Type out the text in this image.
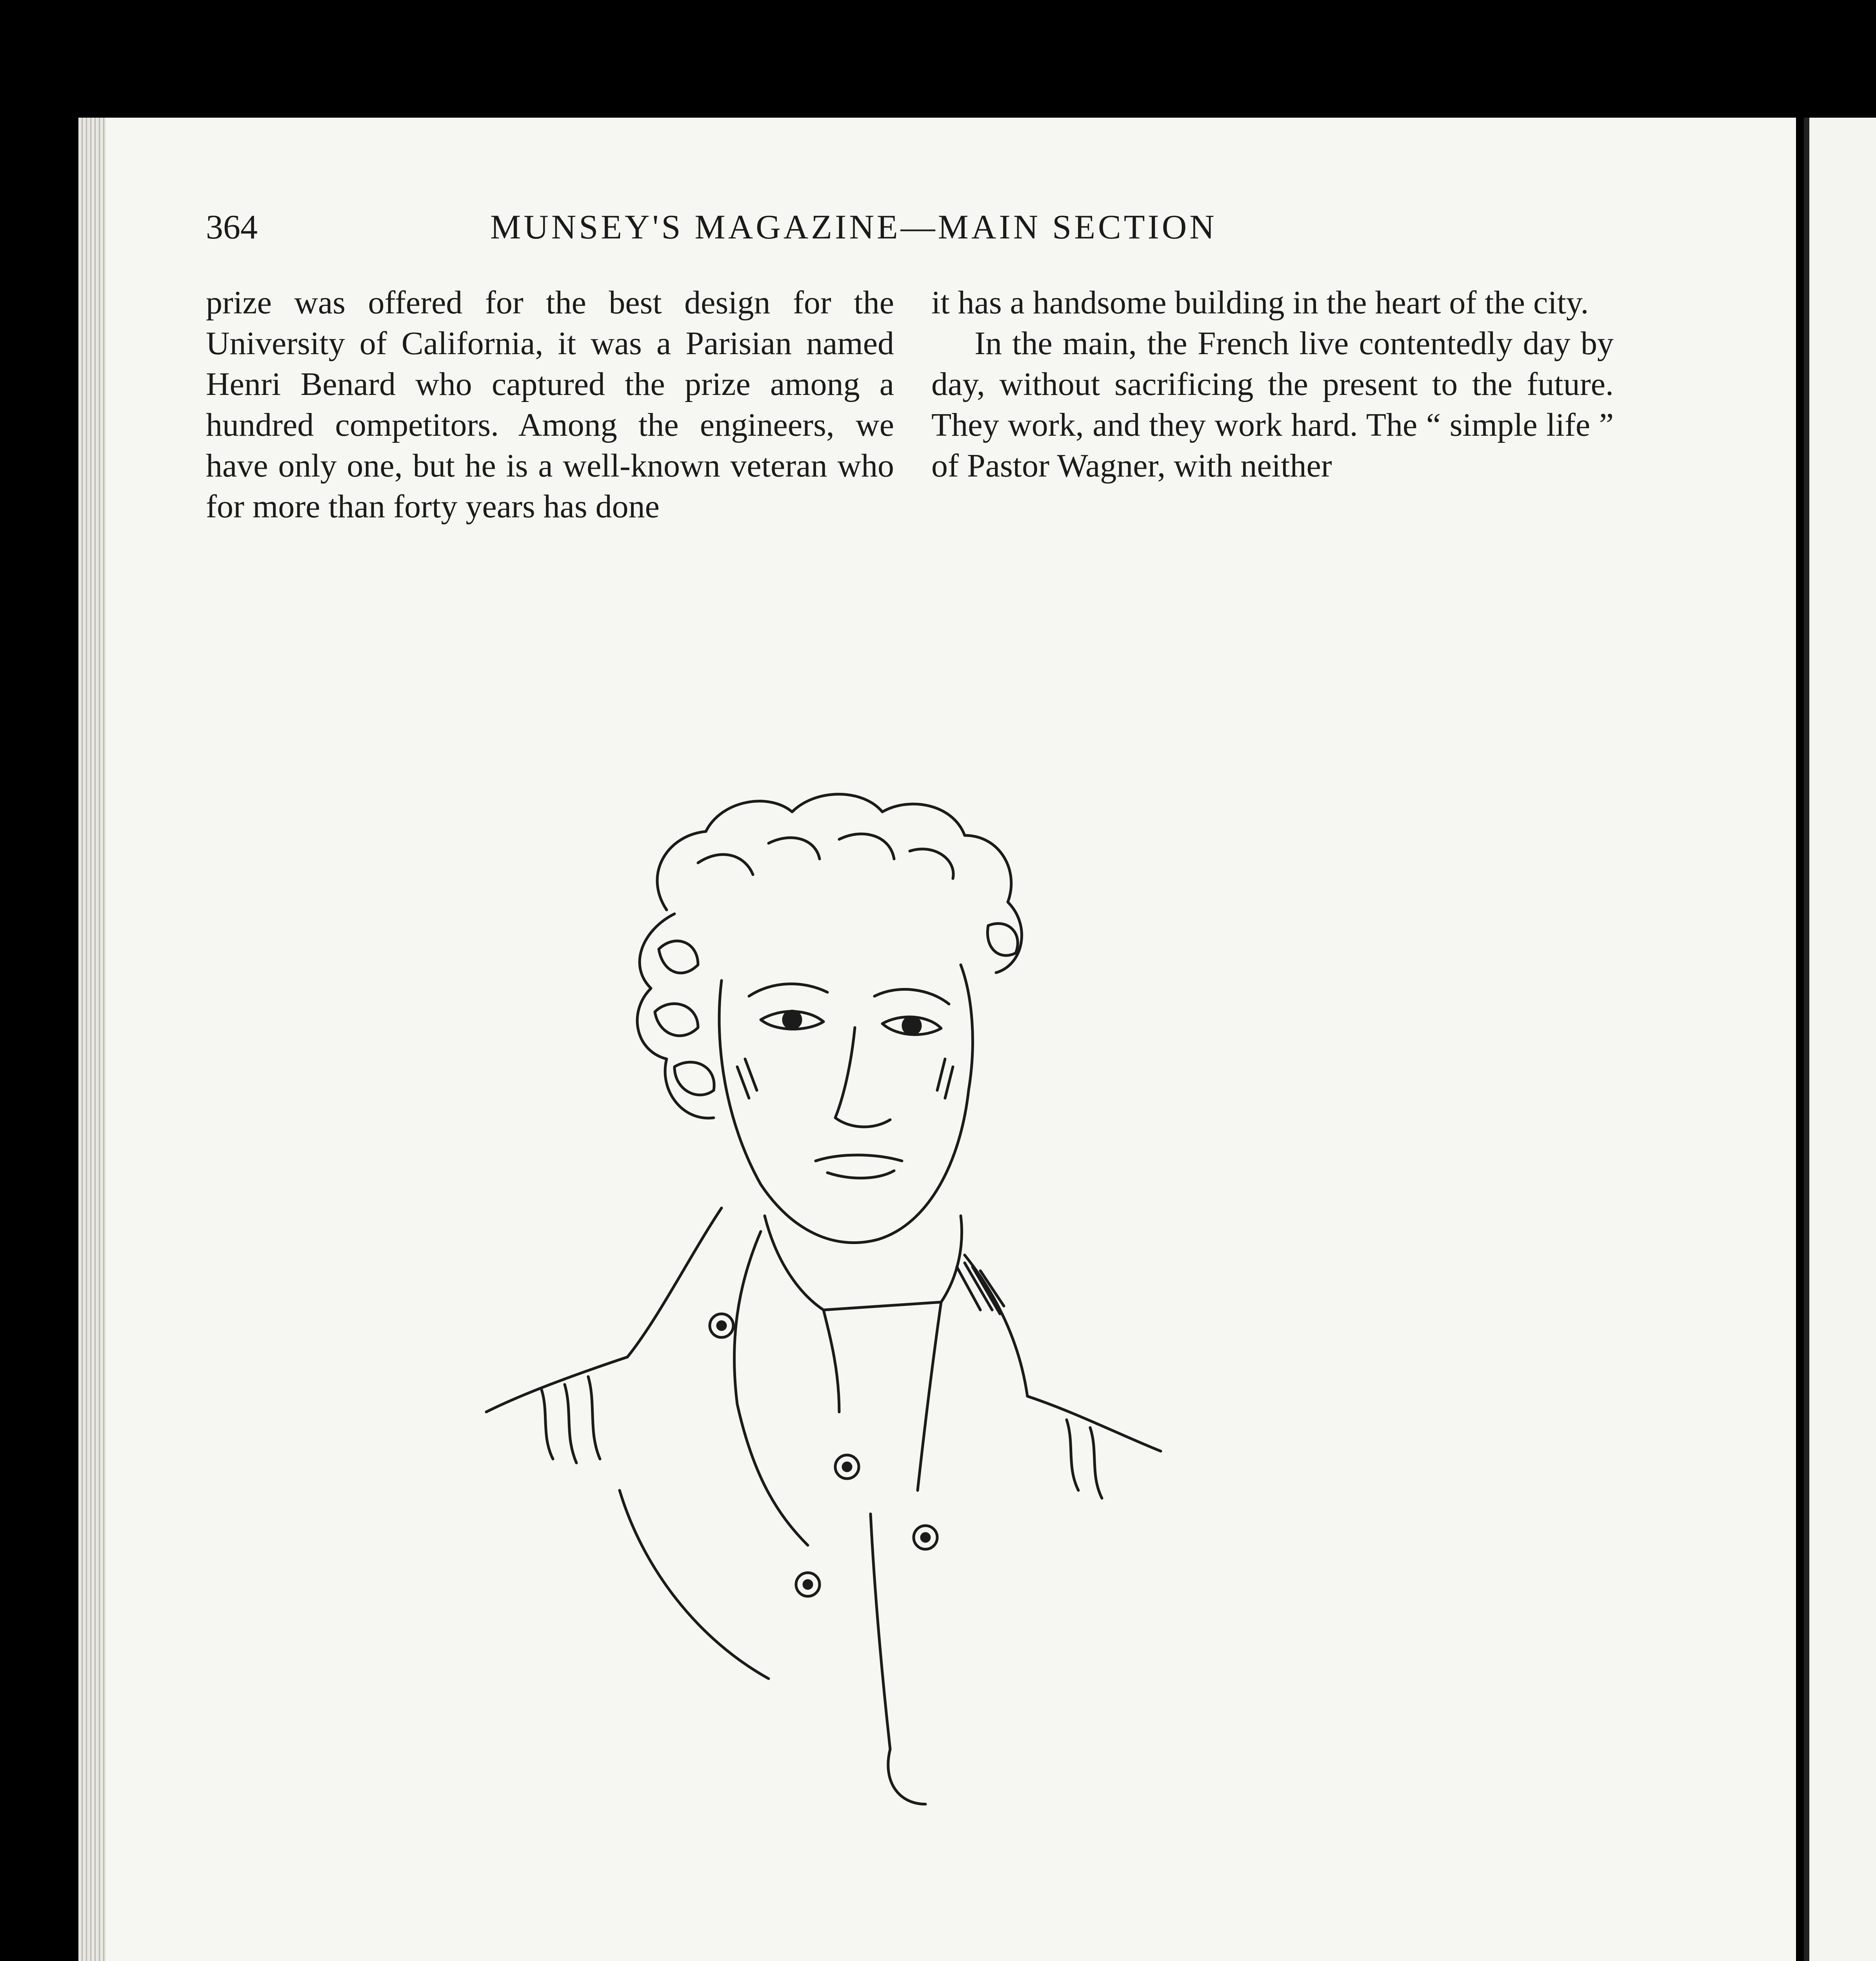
364	MUNSEY'S MAGAZINE—MAIN SECTION

prize was offered for the best design for the University of California, it was a Parisian named Henri Benard who captured the prize among a hundred competitors. Among the engineers, we have only one, but he is a well-known veteran who for more than forty years has done

it has a handsome building in the heart of the city.

In the main, the French live contentedly day by day, without sacrificing the present to the future. They work, and they work hard. The “ simple life ” of Pastor Wagner, with neither
